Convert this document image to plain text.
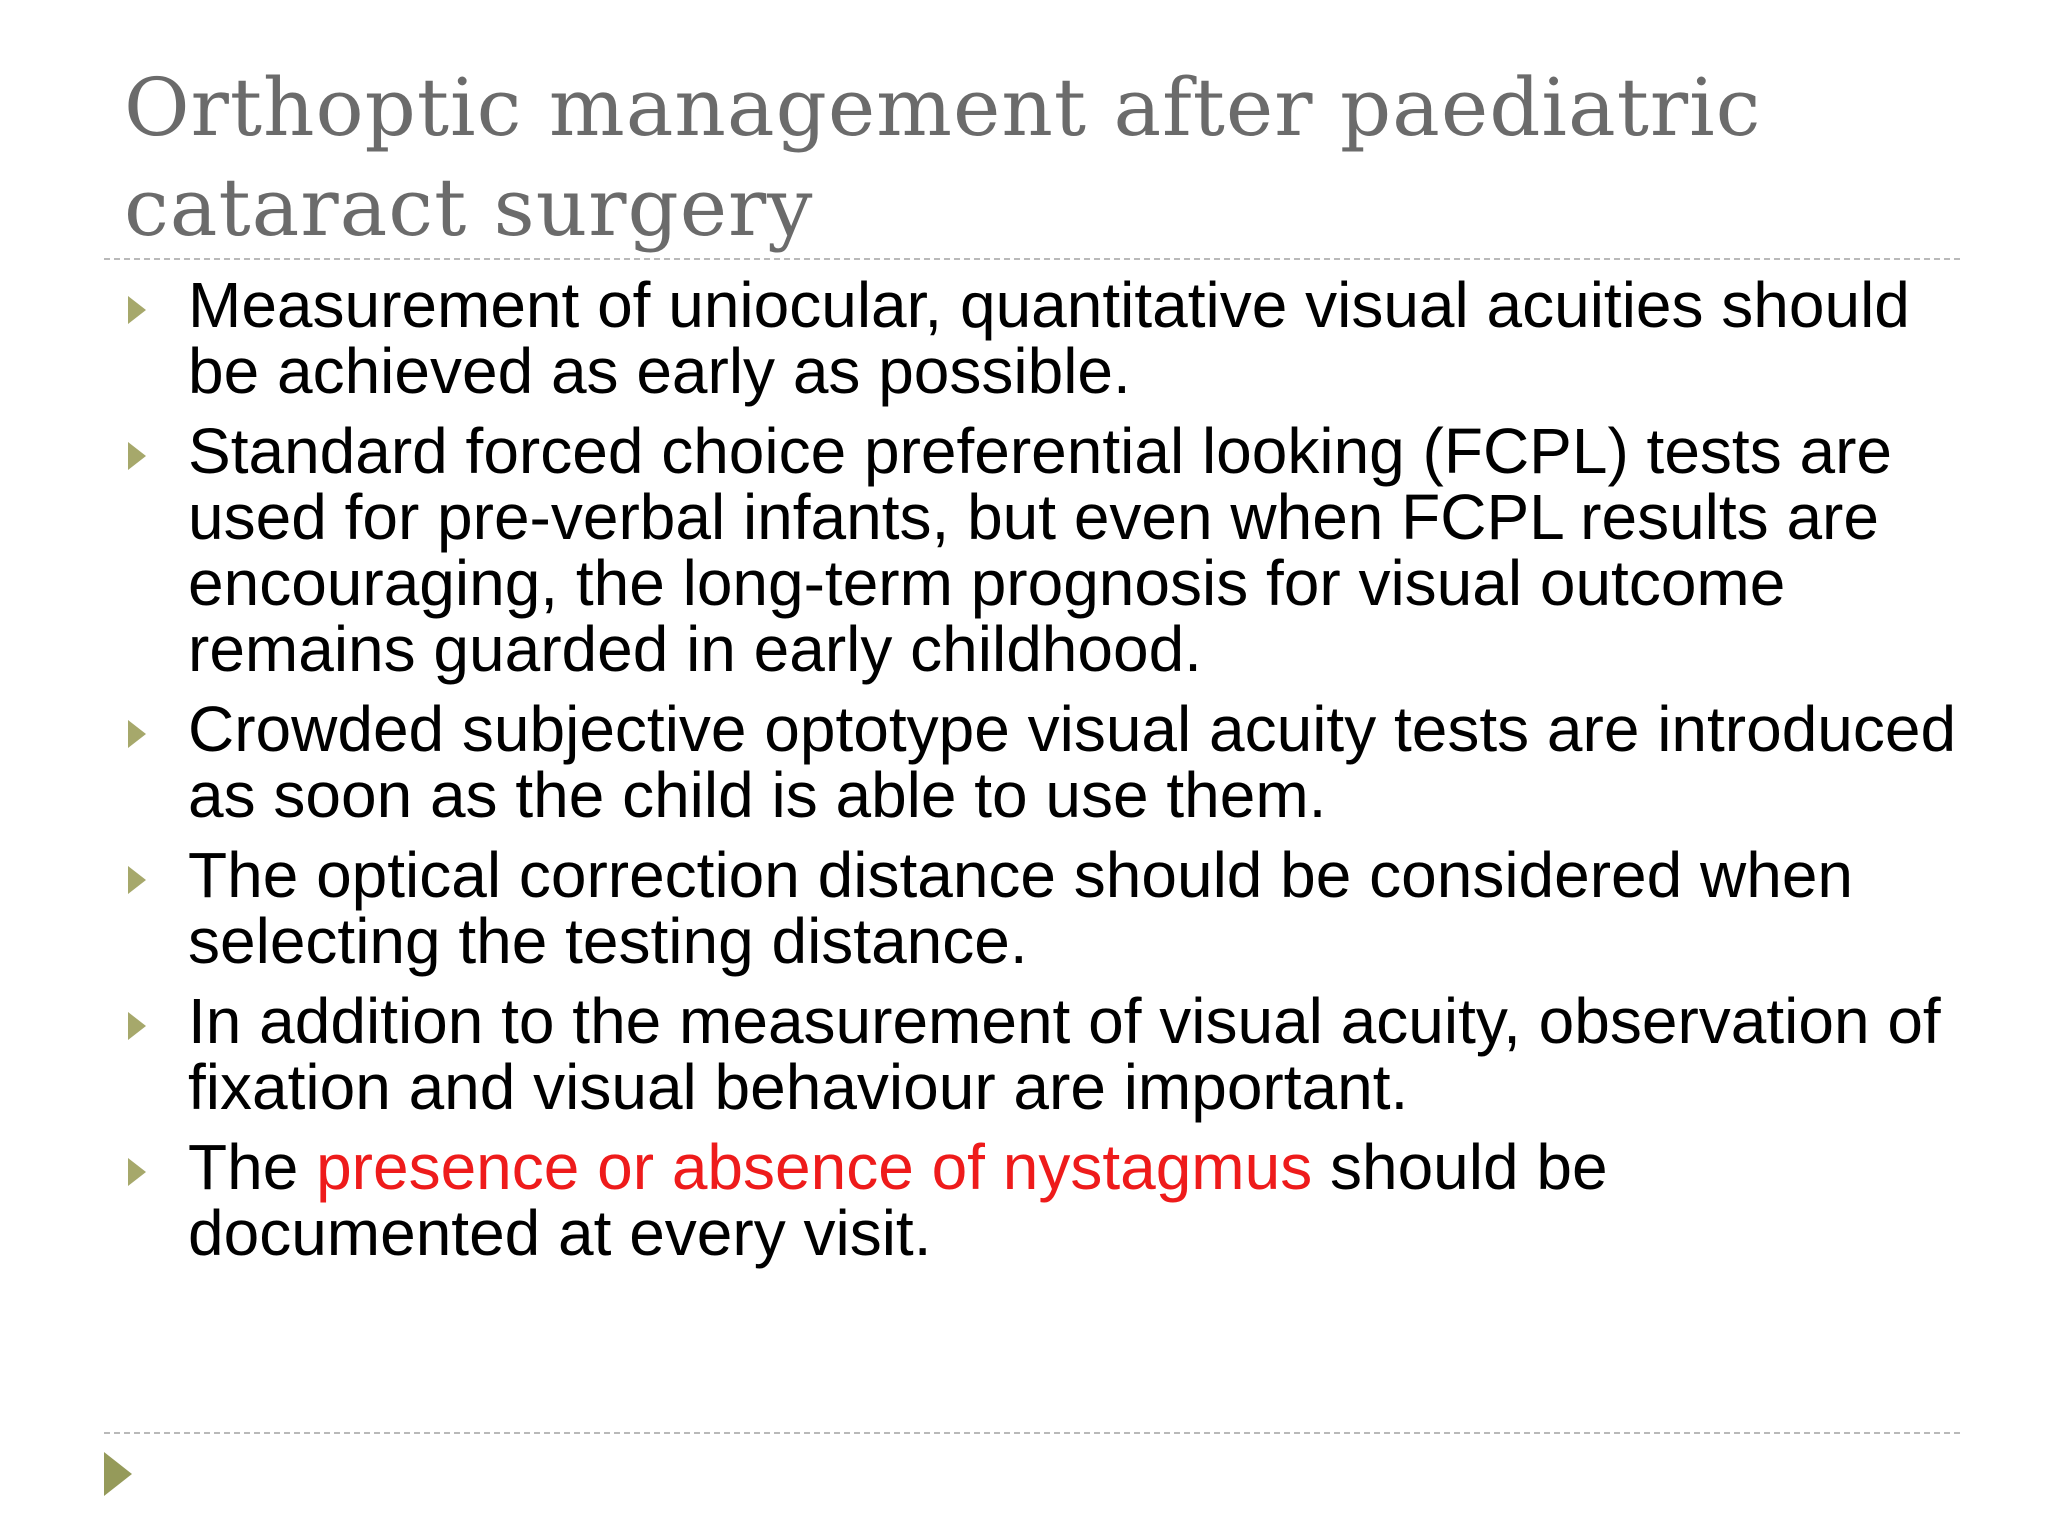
Orthoptic management after paediatric
cataract surgery
Measurement of uniocular, quantitative visual acuities should be achieved as early as possible.
Standard forced choice preferential looking (FCPL) tests are used for pre-verbal infants, but even when FCPL results are encouraging, the long-term prognosis for visual outcome remains guarded in early childhood.
Crowded subjective optotype visual acuity tests are introduced as soon as the child is able to use them.
The optical correction distance should be considered when selecting the testing distance.
In addition to the measurement of visual acuity, observation of fixation and visual behaviour are important.
The presence or absence of nystagmus should be documented at every visit.
